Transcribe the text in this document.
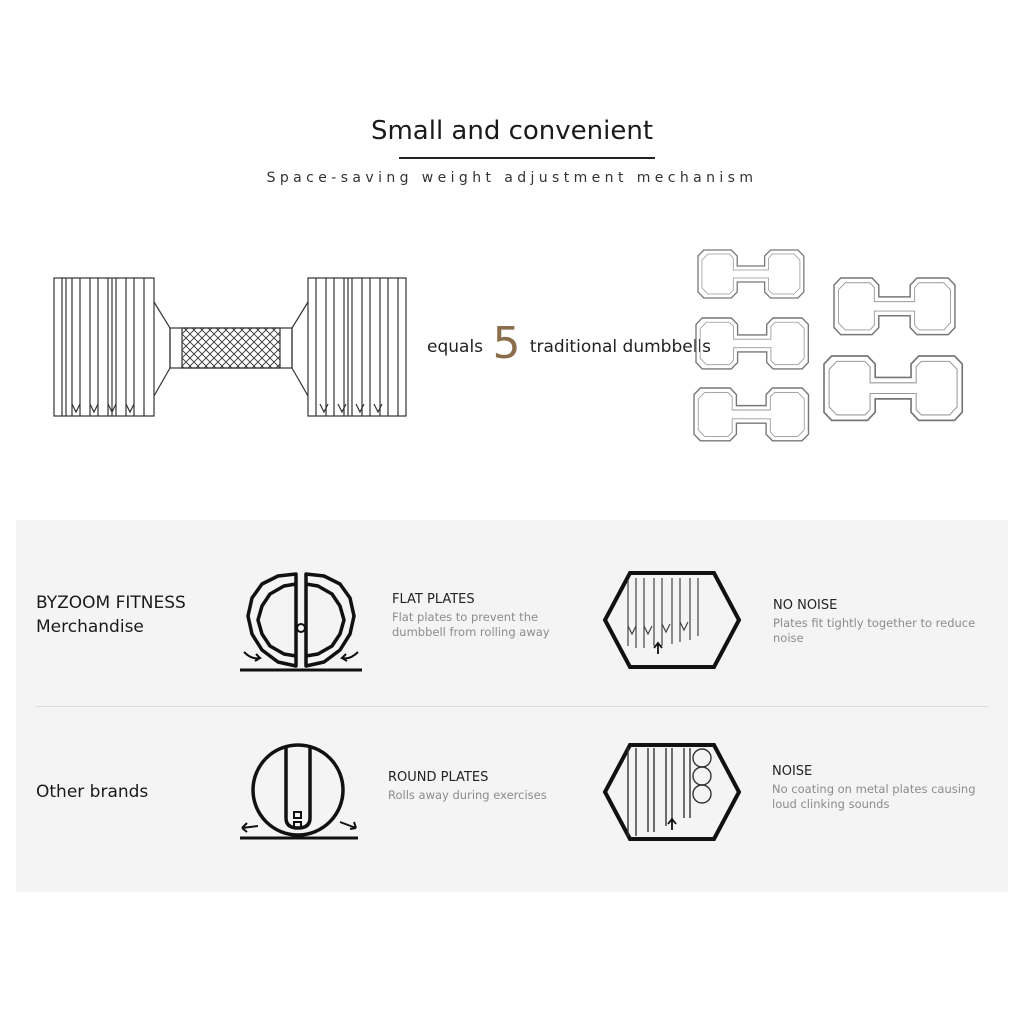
Small and convenient
Space-saving weight adjustment mechanism
equals 5 traditional dumbbells
BYZOOM FITNESS
Merchandise
FLAT PLATES
Flat plates to prevent the dumbbell from rolling away
NO NOISE
Plates fit tightly together to reduce noise
Other brands
ROUND PLATES
Rolls away during exercises
NOISE
No coating on metal plates causing loud clinking sounds
